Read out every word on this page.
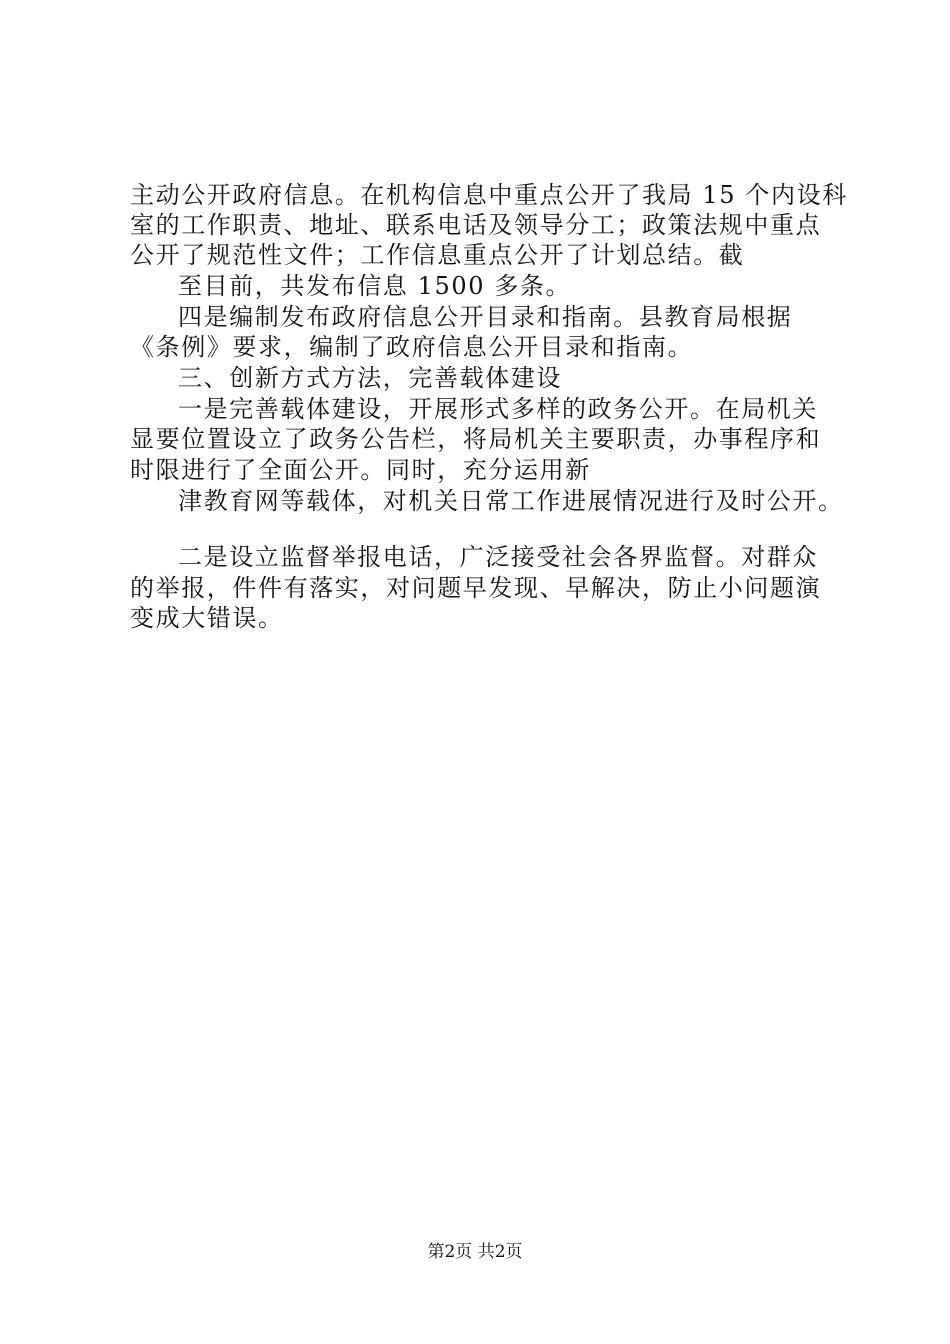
主动公开政府信息。在机构信息中重点公开了我局 15 个内设科
室的工作职责、地址、联系电话及领导分工；政策法规中重点
公开了规范性文件；工作信息重点公开了计划总结。截
至目前，共发布信息 1500 多条。
四是编制发布政府信息公开目录和指南。县教育局根据
《条例》要求，编制了政府信息公开目录和指南。
三、创新方式方法，完善载体建设
一是完善载体建设，开展形式多样的政务公开。在局机关
显要位置设立了政务公告栏，将局机关主要职责，办事程序和
时限进行了全面公开。同时，充分运用新
津教育网等载体，对机关日常工作进展情况进行及时公开。
二是设立监督举报电话，广泛接受社会各界监督。对群众
的举报，件件有落实，对问题早发现、早解决，防止小问题演
变成大错误。
第2页 共2页
